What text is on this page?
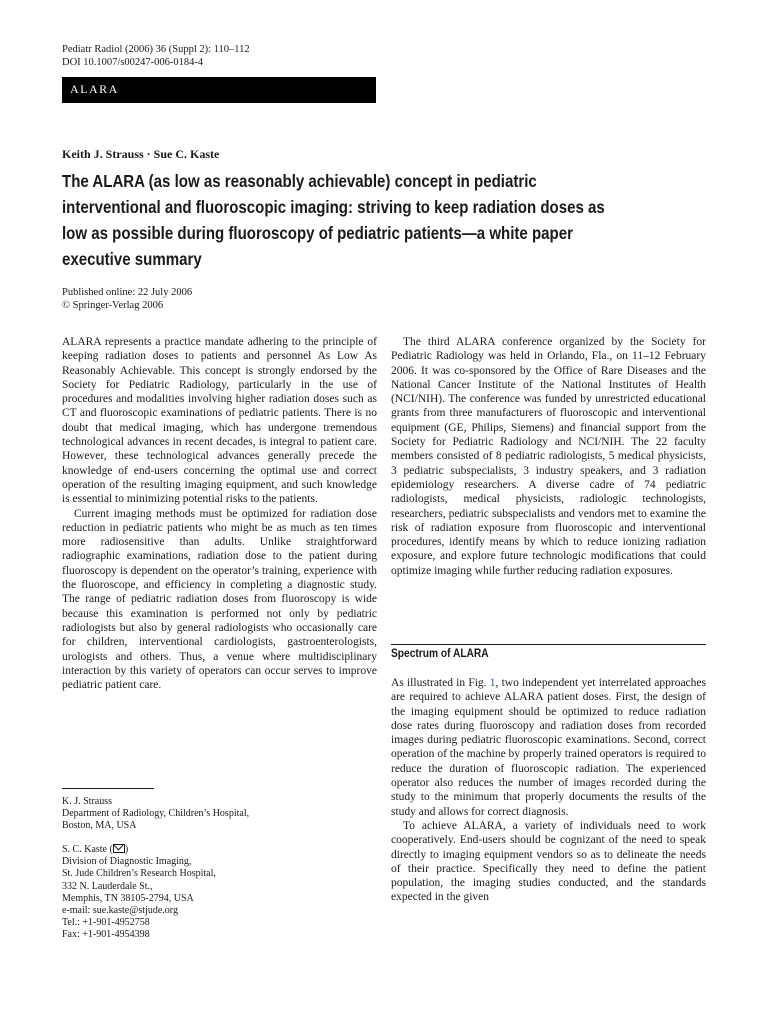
Pediatr Radiol (2006) 36 (Suppl 2): 110–112
DOI 10.1007/s00247-006-0184-4
ALARA
Keith J. Strauss · Sue C. Kaste
The ALARA (as low as reasonably achievable) concept in pediatric interventional and fluoroscopic imaging: striving to keep radiation doses as low as possible during fluoroscopy of pediatric patients—a white paper executive summary
Published online: 22 July 2006
© Springer-Verlag 2006

ALARA represents a practice mandate adhering to the principle of keeping radiation doses to patients and personnel As Low As Reasonably Achievable. This concept is strongly endorsed by the Society for Pediatric Radiology, particularly in the use of procedures and modalities involving higher radiation doses such as CT and fluoroscopic examinations of pediatric patients. There is no doubt that medical imaging, which has undergone tremendous technological advances in recent decades, is integral to patient care. However, these technological advances generally precede the knowledge of end-users concerning the optimal use and correct operation of the resulting imaging equipment, and such knowledge is essential to minimizing potential risks to the patients.

Current imaging methods must be optimized for radiation dose reduction in pediatric patients who might be as much as ten times more radiosensitive than adults. Unlike straightforward radiographic examinations, radiation dose to the patient during fluoroscopy is dependent on the operator’s training, experience with the fluoroscope, and efficiency in completing a diagnostic study. The range of pediatric radiation doses from fluoroscopy is wide because this examination is performed not only by pediatric radiologists but also by general radiologists who occasionally care for children, interventional cardiologists, gastroenterologists, urologists and others. Thus, a venue where multidisciplinary interaction by this variety of operators can occur serves to improve pediatric patient care.

K. J. Strauss

Department of Radiology, Children’s Hospital,

Boston, MA, USA

S. C. Kaste ( )

Division of Diagnostic Imaging,

St. Jude Children’s Research Hospital,

332 N. Lauderdale St.,

Memphis, TN 38105-2794, USA

e-mail: sue.kaste@stjude.org

Tel.: +1-901-4952758

Fax: +1-901-4954398

The third ALARA conference organized by the Society for Pediatric Radiology was held in Orlando, Fla., on 11–12 February 2006. It was co-sponsored by the Office of Rare Diseases and the National Cancer Institute of the National Institutes of Health (NCI/NIH). The conference was funded by unrestricted educational grants from three manufacturers of fluoroscopic and interventional equipment (GE, Philips, Siemens) and financial support from the Society for Pediatric Radiology and NCI/NIH. The 22 faculty members consisted of 8 pediatric radiologists, 5 medical physicists, 3 pediatric subspecialists, 3 industry speakers, and 3 radiation epidemiology researchers. A diverse cadre of 74 pediatric radiologists, medical physicists, radiologic technologists, researchers, pediatric subspecialists and vendors met to examine the risk of radiation exposure from fluoroscopic and interventional procedures, identify means by which to reduce ionizing radiation exposure, and explore future technologic modifications that could optimize imaging while further reducing radiation exposures.

Spectrum of ALARA

As illustrated in Fig. 1, two independent yet interrelated approaches are required to achieve ALARA patient doses. First, the design of the imaging equipment should be optimized to reduce radiation dose rates during fluoroscopy and radiation doses from recorded images during pediatric fluoroscopic examinations. Second, correct operation of the machine by properly trained operators is required to reduce the duration of fluoroscopic radiation. The experienced operator also reduces the number of images recorded during the study to the minimum that properly documents the results of the study and allows for correct diagnosis.

To achieve ALARA, a variety of individuals need to work cooperatively. End-users should be cognizant of the need to speak directly to imaging equipment vendors so as to delineate the needs of their practice. Specifically they need to define the patient population, the imaging studies conducted, and the standards expected in the given
